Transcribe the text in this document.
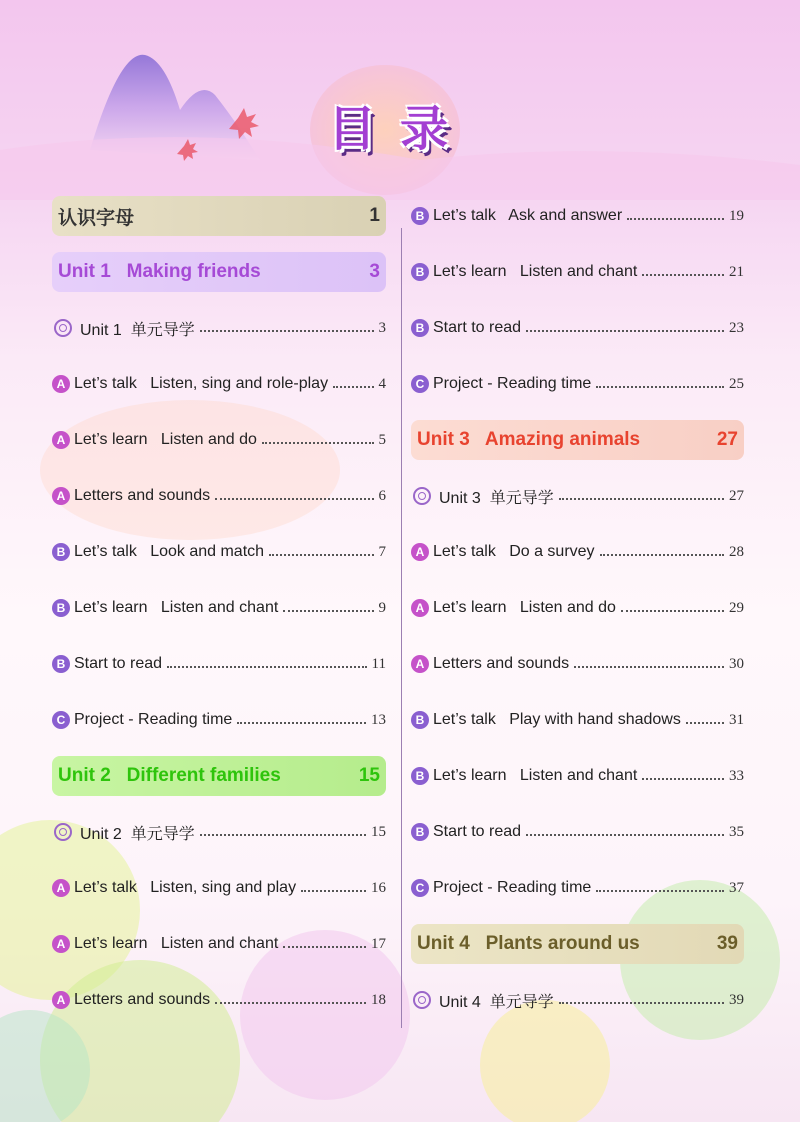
目录
认识字母	1
Unit 1   Making friends	3
Unit 1  单元导学	3
A Let’s talk   Listen, sing and role-play	4
A Let’s learn   Listen and do	5
A Letters and sounds	6
B Let’s talk   Look and match	7
B Let’s learn   Listen and chant	9
B Start to read	11
C Project - Reading time	13
Unit 2   Different families	15
Unit 2  单元导学	15
A Let’s talk   Listen, sing and play	16
A Let’s learn   Listen and chant	17
A Letters and sounds	18
B Let’s talk   Ask and answer	19
B Let’s learn   Listen and chant	21
B Start to read	23
C Project - Reading time	25
Unit 3   Amazing animals	27
Unit 3  单元导学	27
A Let’s talk   Do a survey	28
A Let’s learn   Listen and do	29
A Letters and sounds	30
B Let’s talk   Play with hand shadows	31
B Let’s learn   Listen and chant	33
B Start to read	35
C Project - Reading time	37
Unit 4   Plants around us	39
Unit 4  单元导学	39
